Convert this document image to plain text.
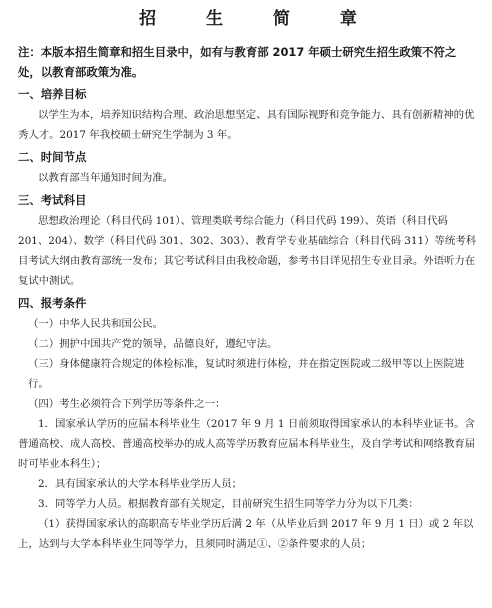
招 生 简 章

注：本版本招生简章和招生目录中，如有与教育部 2017 年硕士研究生招生政策不符之处，以教育部政策为准。

一、培养目标

以学生为本，培养知识结构合理、政治思想坚定、具有国际视野和竞争能力、具有创新精神的优秀人才。2017 年我校硕士研究生学制为 3 年。

二、时间节点

以教育部当年通知时间为准。

三、考试科目

思想政治理论（科目代码 101）、管理类联考综合能力（科目代码 199）、英语（科目代码 201、204）、数学（科目代码 301、302、303）、教育学专业基础综合（科目代码 311）等统考科目考试大纲由教育部统一发布；其它考试科目由我校命题，参考书目详见招生专业目录。外语听力在复试中测试。

四、报考条件

（一）中华人民共和国公民。

（二）拥护中国共产党的领导，品德良好，遵纪守法。

（三）身体健康符合规定的体检标准，复试时须进行体检，并在指定医院或二级甲等以上医院进行。

（四）考生必须符合下列学历等条件之一：

1．国家承认学历的应届本科毕业生（2017 年 9 月 1 日前须取得国家承认的本科毕业证书。含普通高校、成人高校、普通高校举办的成人高等学历教育应届本科毕业生，及自学考试和网络教育届时可毕业本科生）；

2．具有国家承认的大学本科毕业学历人员；

3．同等学力人员。根据教育部有关规定，目前研究生招生同等学力分为以下几类：

（1）获得国家承认的高职高专毕业学历后满 2 年（从毕业后到 2017 年 9 月 1 日）或 2 年以上，达到与大学本科毕业生同等学力，且须同时满足①、②条件要求的人员；
